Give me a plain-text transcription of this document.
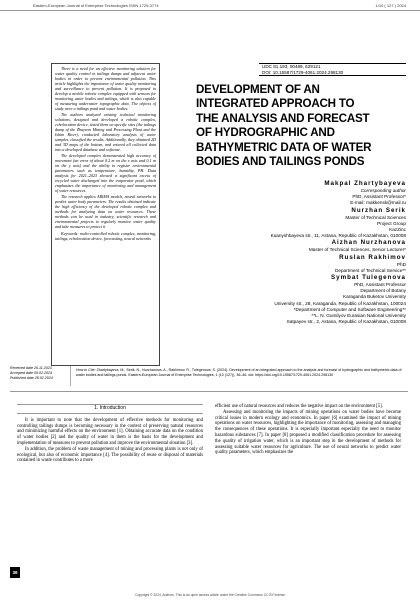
Eastern-European Journal of Enterprise Technologies ISSN 1729-3774	1/10 ( 127 ) 2024

There is a need for an effective monitoring solution for water quality control in tailings dumps and adjacent water bodies in order to prevent environmental pollution. This article highlights the importance of water quality monitoring and surveillance to prevent pollution. It is proposed to develop a mobile robotic complex equipped with sensors for monitoring water bodies and tailings, which is also capable of measuring underwater topographic data. The objects of study were a tailings pond and water bodies.

The authors analyzed existing technical monitoring solutions, designed and developed a robotic complex, echolocation device, tested them on specific sites (the tailings dump of the Zhayrem Mining and Processing Plant and the Ishim River), conducted laboratory analysis of water samples, classified the results. Additionally, they obtained 2D and 3D maps of the bottom, and entered all collected data into a developed database and software.

The developed complex demonstrated high accuracy of movement (an error of about 0.2 m on the x axis and 0.1 m on the y axis) and the ability to register environmental parameters such as temperature, humidity, PH. Data analysis for 2021–2023 showed a significant excess of recycled water discharged into the evaporator pond, which emphasizes the importance of monitoring and management of water resources.

The research applies ARIMA models, neural networks to predict water body parameters. The results obtained indicate the high efficiency of the developed robotic complex and methods for analyzing data on water resources. These methods can be used in industry, scientific research and environmental projects to regularly monitor water quality and take measures to protect it

Keywords: radio-controlled robotic complex, monitoring, tailings, echolocation device, forecasting, neural networks

UDC 81.193, 00489, 629121
DOI: 10.15587/1729-4061.2024.298130
DEVELOPMENT OF AN
INTEGRATED APPROACH TO
THE ANALYSIS AND FORECAST
OF HYDROGRAPHIC AND
BATHYMETRIC DATA OF WATER
BODIES AND TAILINGS PONDS
Makpal Zhartybayeva
Corresponding author
PhD, Assistant Professor*
E-mail: makkensk@mail.ru
Nurzhan Serik
Master of Technical Sciences
Project Group
KazZinc
Kuanyshbayeva str., 11, Astana, Republic of Kazakhstan, 010008
Aizhan Nurzhanova
Master of Technical Sciences, Senior Lecturer*
Ruslan Rakhimov
PhD
Department of Technical Service**
Symbat Tulegenova
PhD, Assistant Professor
Department of Botany
Karaganda Buketov University
University str., 28, Karaganda, Republic of Kazakhstan, 100024
*Department of Computer and Software Engineering**
**L. N. Gumilyov Eurasian National University
Satpayev str., 2, Astana, Republic of Kazakhstan, 010008
Received date 26.11.2023
Accepted date 09.02.2024
Published date 28.02.2024
How to Cite: Zhartybayeva, M., Serik, N., Nurzhanova, A., Rakhimov, R., Tulegenova, S. (2024). Development of an integrated approach to the analysis and forecast of hydrographic and bathymetric data of water bodies and tailings ponds. Eastern-European Journal of Enterprise Technologies, 1 (10 (127)), 36–46. doi: https://doi.org/10.15587/1729-4061.2024.298130
1. Introduction

It is important to note that the development of effective methods for monitoring and controlling tailings dumps is becoming necessary in the context of preserving natural resources and minimizing harmful effects on the environment [1]. Obtaining accurate data on the condition of water bodies [2] and the quality of water in them is the basis for the development and implementation of measures to prevent pollution and improve the environmental situation [3].

In addition, the problem of waste management of mining and processing plants is not only of ecological, but also of economic importance [4]. The possibility of reuse or disposal of materials contained in waste contributes to a more

efficient use of natural resources and reduces the negative impact on the environment [5].

Assessing and monitoring the impacts of mining operations on water bodies have become critical issues in modern ecology and economics. In paper [6] examined the impact of mining operations on water resources, highlighting the importance of monitoring, assessing and managing the consequences of these operations. It is especially important especially the need to monitor hazardous substances [7]. In paper [8] proposed a modified classification procedure for assessing the quality of irrigation water, which is an important step in the development of methods for assessing suitable water resources for agriculture. The use of neural networks to predict water quality parameters, which emphasizes the

36
Copyright © 2024, Authors. This is an open access article under the Creative Commons CC BY license
